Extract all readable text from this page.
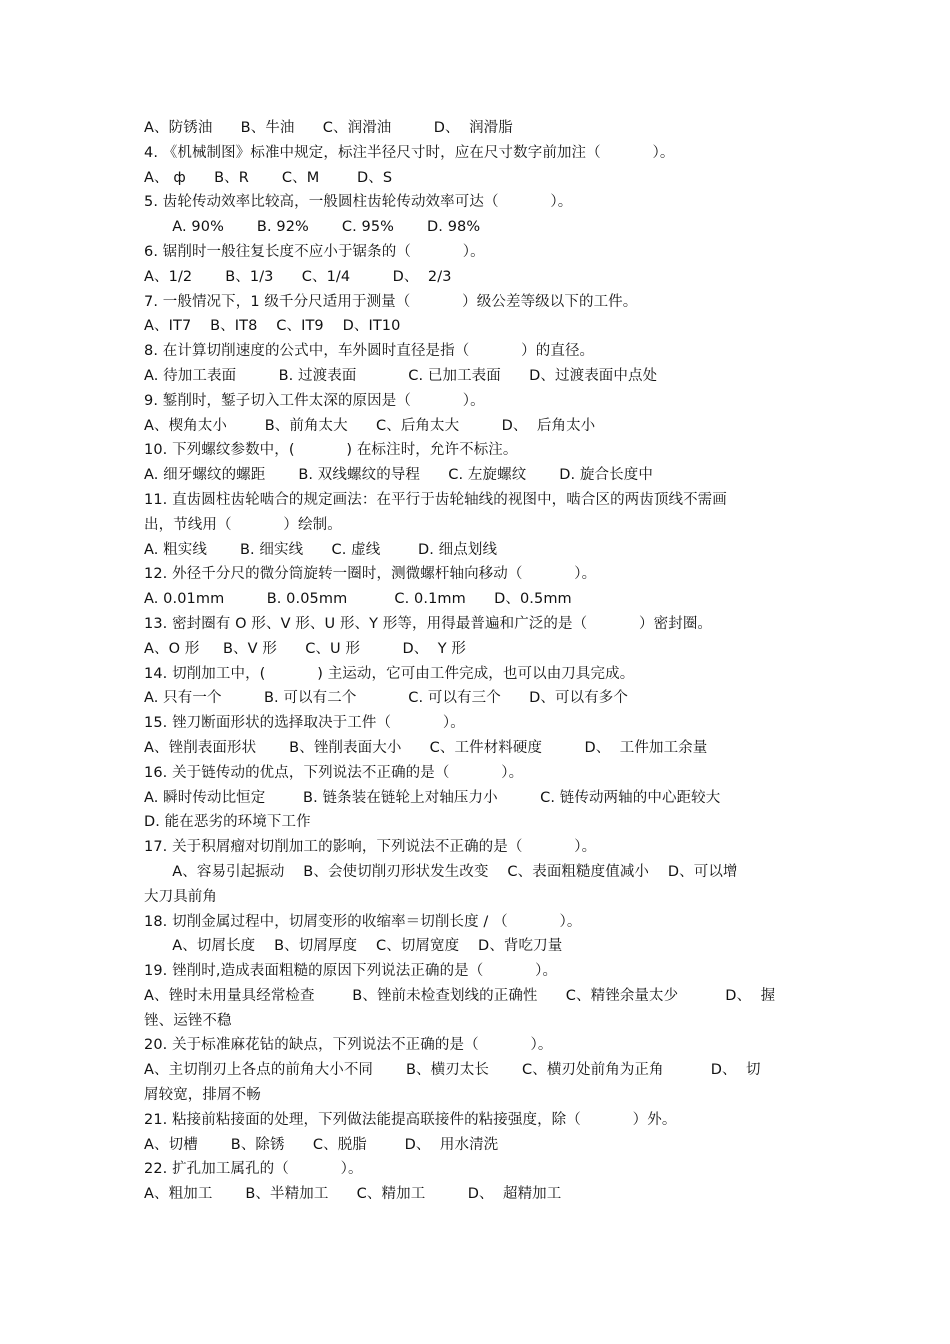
A、防锈油      B、牛油      C、润滑油         D、  润滑脂
4. 《机械制图》标准中规定，标注半径尺寸时，应在尺寸数字前加注（           ）。
A、 ф      B、R       C、M        D、S
5. 齿轮传动效率比较高，一般圆柱齿轮传动效率可达（           ）。
A. 90%       B. 92%       C. 95%       D. 98%
6. 锯削时一般往复长度不应小于锯条的（           ）。
A、1/2       B、1/3      C、1/4         D、  2/3
7. 一般情况下，1 级千分尺适用于测量（           ）级公差等级以下的工件。
A、IT7    B、IT8    C、IT9    D、IT10
8. 在计算切削速度的公式中，车外圆时直径是指（           ）的直径。
A. 待加工表面         B. 过渡表面           C. 已加工表面      D、过渡表面中点处
9. 錾削时，錾子切入工件太深的原因是（           ）。
A、楔角太小        B、前角太大      C、后角太大         D、  后角太小
10. 下列螺纹参数中，(           ) 在标注时，允许不标注。
A. 细牙螺纹的螺距       B. 双线螺纹的导程      C. 左旋螺纹       D. 旋合长度中
11. 直齿圆柱齿轮啮合的规定画法：在平行于齿轮轴线的视图中，啮合区的两齿顶线不需画
出，节线用（           ）绘制。
A. 粗实线       B. 细实线      C. 虚线        D. 细点划线
12. 外径千分尺的微分筒旋转一圈时，测微螺杆轴向移动（           ）。
A. 0.01mm         B. 0.05mm          C. 0.1mm      D、0.5mm
13. 密封圈有 O 形、V 形、U 形、Y 形等，用得最普遍和广泛的是（           ）密封圈。
A、O 形     B、V 形      C、U 形         D、  Y 形
14. 切削加工中，(           ) 主运动，它可由工件完成，也可以由刀具完成。
A. 只有一个         B. 可以有二个           C. 可以有三个      D、可以有多个
15. 锉刀断面形状的选择取决于工件（           ）。
A、锉削表面形状       B、锉削表面大小      C、工件材料硬度         D、  工件加工余量
16. 关于链传动的优点，下列说法不正确的是（           ）。
A. 瞬时传动比恒定        B. 链条装在链轮上对轴压力小         C. 链传动两轴的中心距较大
D. 能在恶劣的环境下工作
17. 关于积屑瘤对切削加工的影响，下列说法不正确的是（           ）。
A、容易引起振动    B、会使切削刃形状发生改变    C、表面粗糙度值减小    D、可以增
大刀具前角
18. 切削金属过程中，切屑变形的收缩率＝切削长度 / （           ）。
A、切屑长度    B、切屑厚度    C、切屑宽度    D、背吃刀量
19. 锉削时,造成表面粗糙的原因下列说法正确的是（           ）。
A、锉时未用量具经常检查        B、锉前未检查划线的正确性      C、精锉余量太少          D、  握
锉、运锉不稳
20. 关于标准麻花钻的缺点，下列说法不正确的是（           ）。
A、主切削刃上各点的前角大小不同       B、横刃太长       C、横刃处前角为正角          D、  切
屑较宽，排屑不畅
21. 粘接前粘接面的处理，下列做法能提高联接件的粘接强度，除（           ）外。
A、切槽       B、除锈      C、脱脂        D、  用水清洗
22. 扩孔加工属孔的（           ）。
A、粗加工       B、半精加工      C、精加工         D、  超精加工
